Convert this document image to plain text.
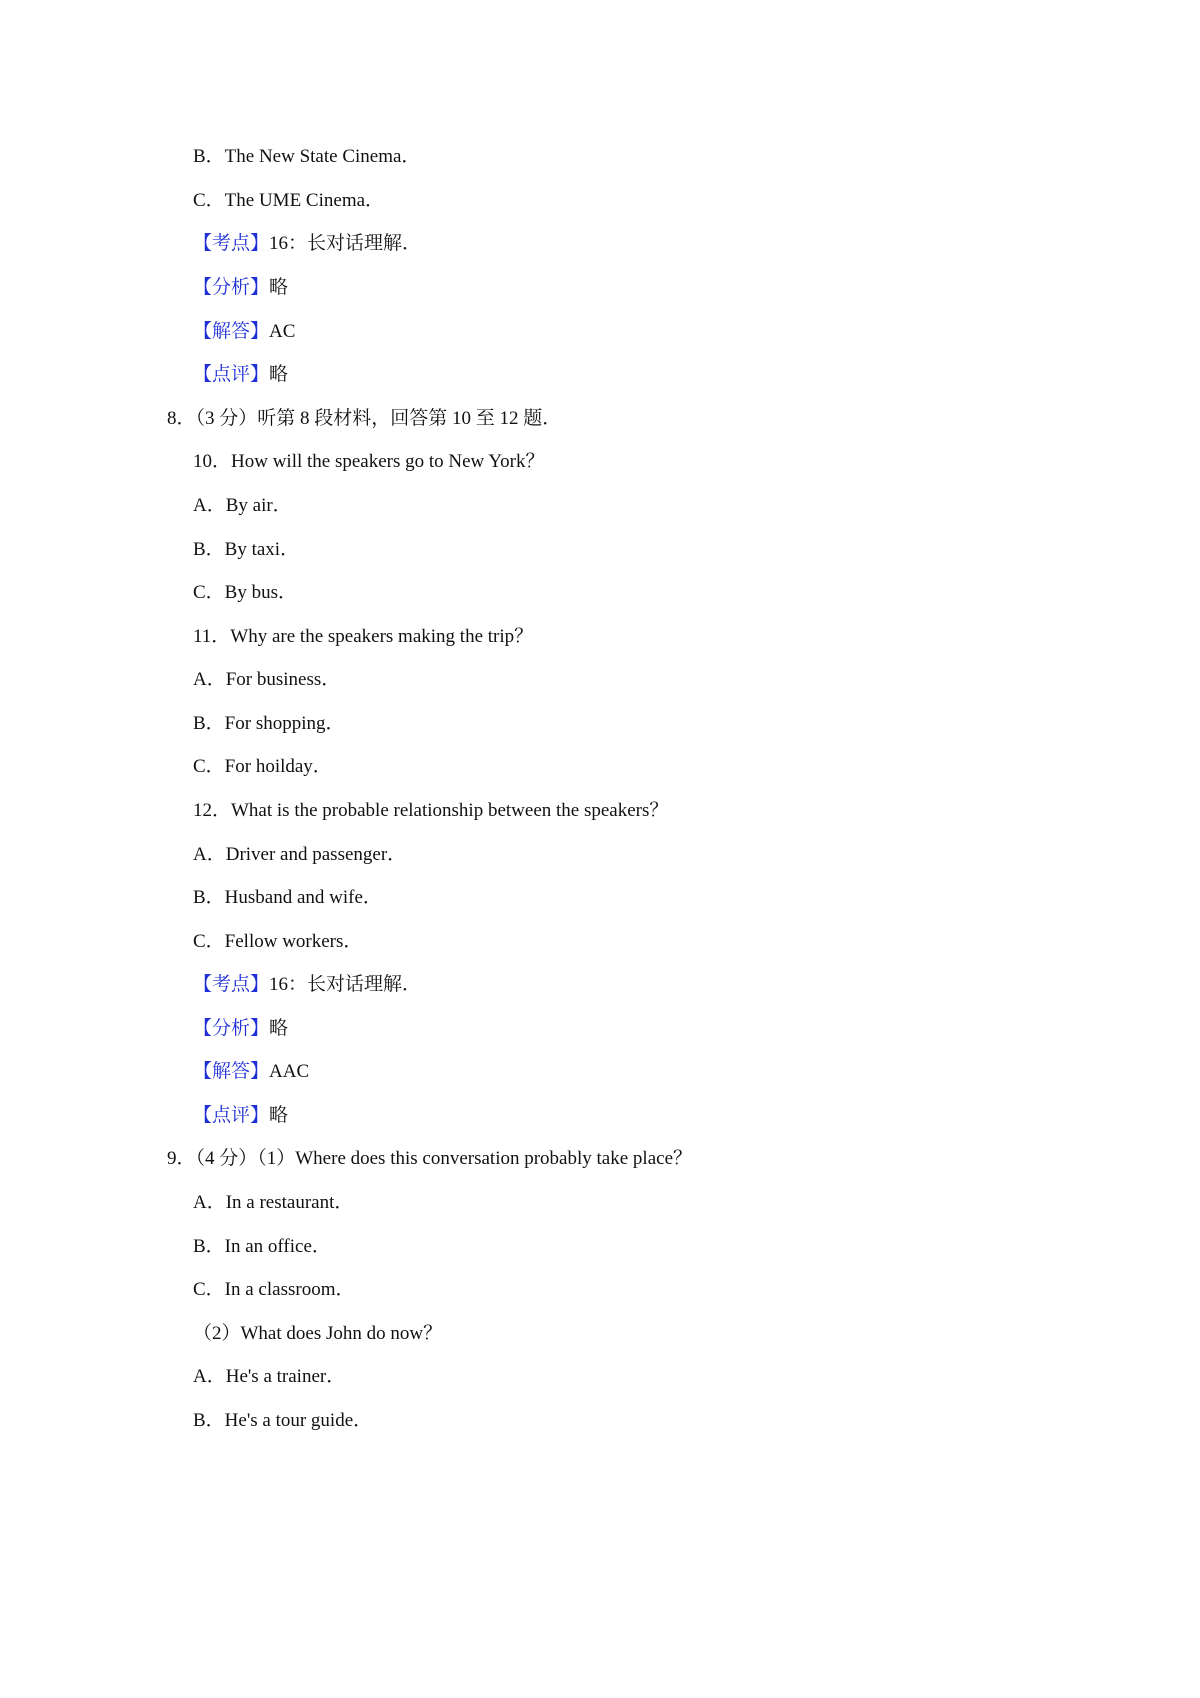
B．The New State Cinema．
C．The UME Cinema．
【考点】16：长对话理解．
【分析】略
【解答】AC
【点评】略
8．（3 分）听第 8 段材料，回答第 10 至 12 题．
10．How will the speakers go to New York？
A．By air．
B．By taxi．
C．By bus．
11．Why are the speakers making the trip？
A．For business．
B．For shopping．
C．For hoilday．
12．What is the probable relationship between the speakers？
A．Driver and passenger．
B．Husband and wife．
C．Fellow workers．
【考点】16：长对话理解．
【分析】略
【解答】AAC
【点评】略
9．（4 分）（1）Where does this conversation probably take place？
A．In a restaurant．
B．In an office．
C．In a classroom．
（2）What does John do now？
A．He's a trainer．
B．He's a tour guide．
